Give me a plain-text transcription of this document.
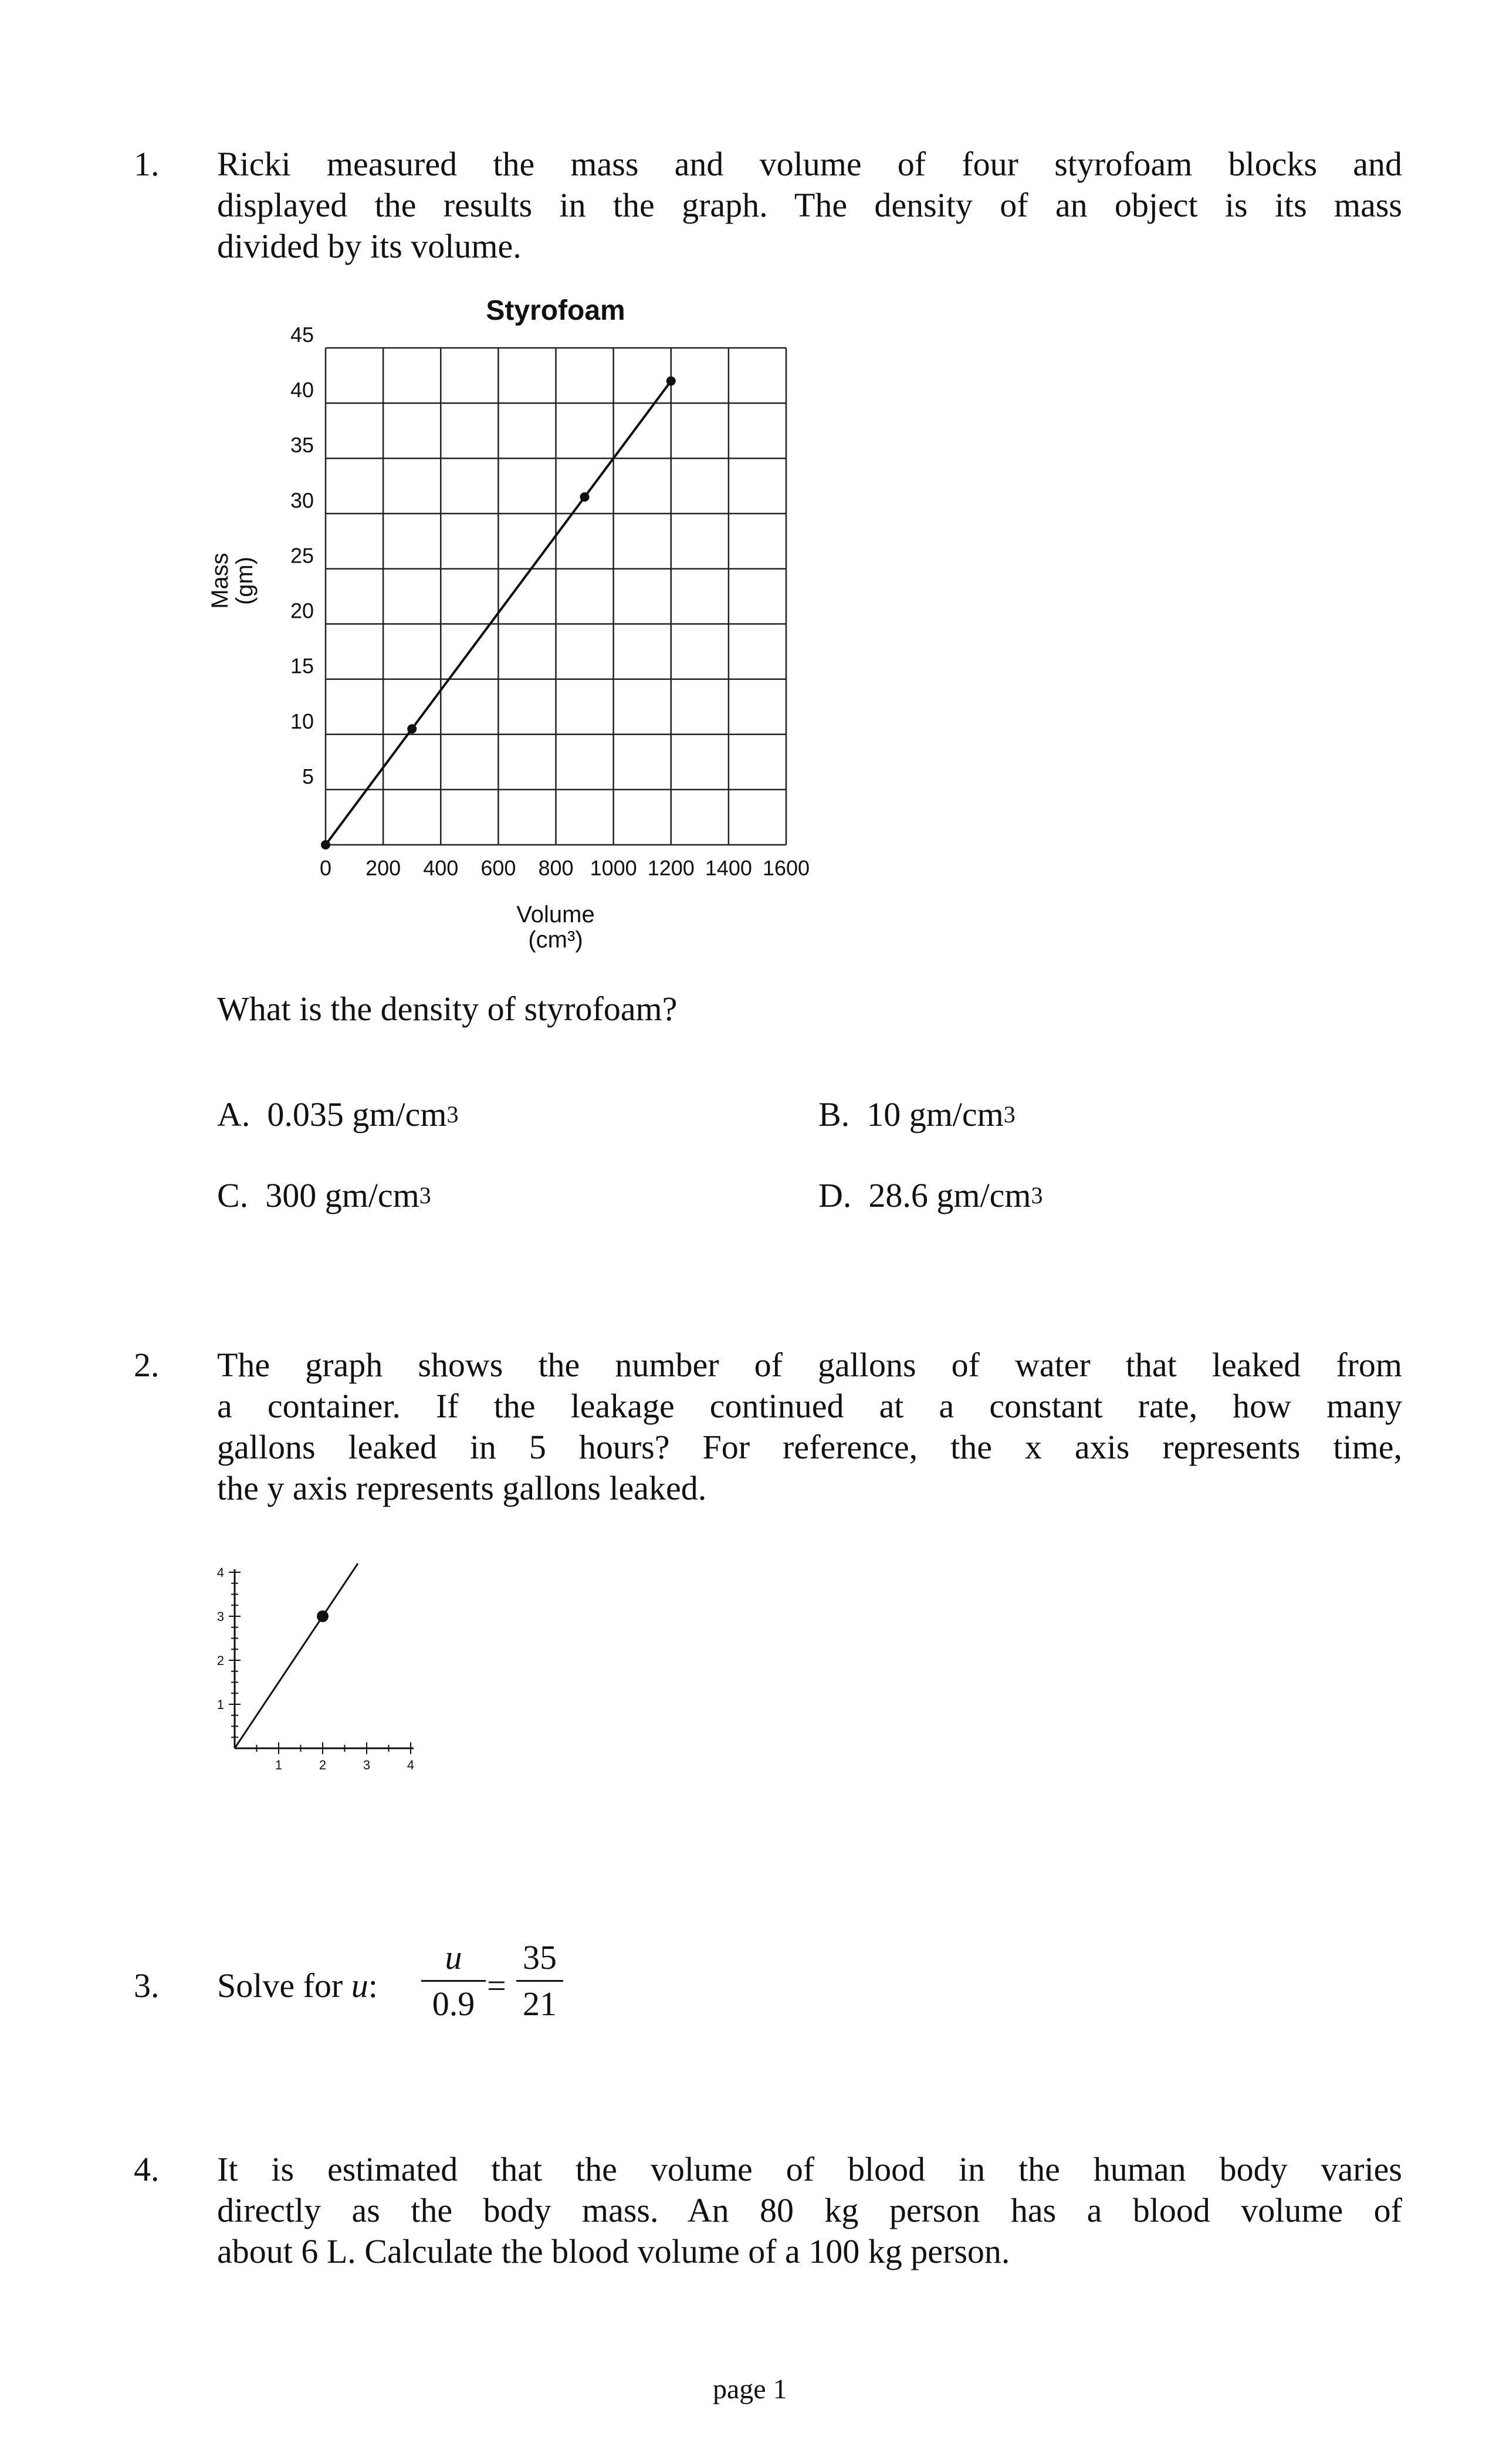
1. Ricki measured the mass and volume of four styrofoam blocks and
displayed the results in the graph. The density of an object is its mass
divided by its volume.
Styrofoam
5
10
15
20
25
30
35
40
45
0 200 400 600 800 1000 1200 1400 1600
Volume
(cm³)
Mass
(gm)
What is the density of styrofoam?
A. 0.035 $gm/cm^3$	B. 10 $gm/cm^3$
C. 300 $gm/cm^3$	D. 28.6 $gm/cm^3$
2. The graph shows the number of gallons of water that leaked from
a container. If the leakage continued at a constant rate, how many
gallons leaked in 5 hours? For reference, the x axis represents time,
the y axis represents gallons leaked.
1
2
3
4
1	2	3	4
3. Solve for u:
u
0.9 =
35
21
4. It is estimated that the volume of blood in the human body varies
directly as the body mass. An 80 kg person has a blood volume of
about 6 L. Calculate the blood volume of a 100 kg person.
page 1
